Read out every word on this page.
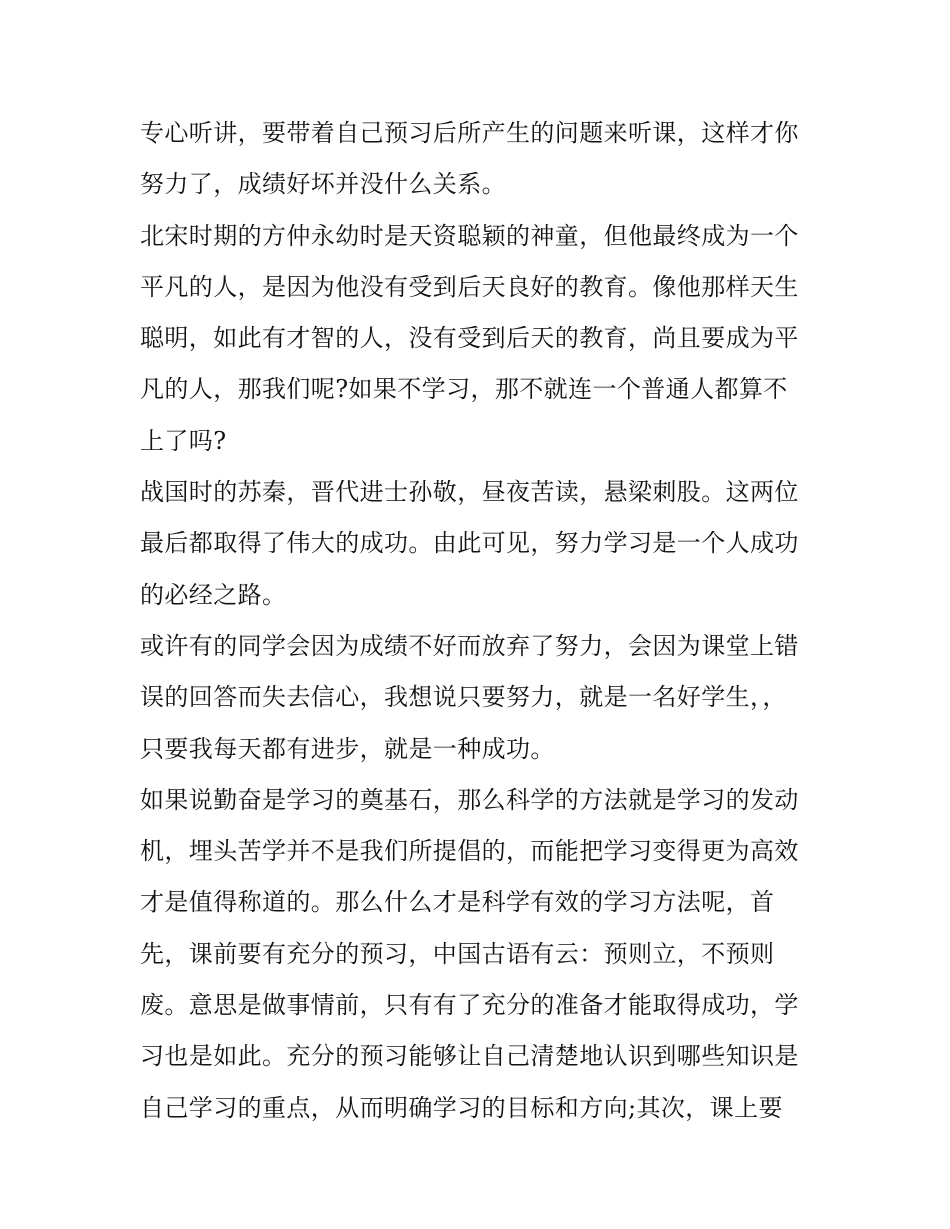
专心听讲，要带着自己预习后所产生的问题来听课，这样才你
努力了，成绩好坏并没什么关系。
北宋时期的方仲永幼时是天资聪颖的神童，但他最终成为一个
平凡的人，是因为他没有受到后天良好的教育。像他那样天生
聪明，如此有才智的人，没有受到后天的教育，尚且要成为平
凡的人，那我们呢?如果不学习，那不就连一个普通人都算不
上了吗?
战国时的苏秦，晋代进士孙敬，昼夜苦读，悬梁刺股。这两位
最后都取得了伟大的成功。由此可见，努力学习是一个人成功
的必经之路。
或许有的同学会因为成绩不好而放弃了努力，会因为课堂上错
误的回答而失去信心，我想说只要努力，就是一名好学生，，
只要我每天都有进步，就是一种成功。
如果说勤奋是学习的奠基石，那么科学的方法就是学习的发动
机，埋头苦学并不是我们所提倡的，而能把学习变得更为高效
才是值得称道的。那么什么才是科学有效的学习方法呢，首
先，课前要有充分的预习，中国古语有云：预则立，不预则
废。意思是做事情前，只有有了充分的准备才能取得成功，学
习也是如此。充分的预习能够让自己清楚地认识到哪些知识是
自己学习的重点，从而明确学习的目标和方向;其次，课上要
